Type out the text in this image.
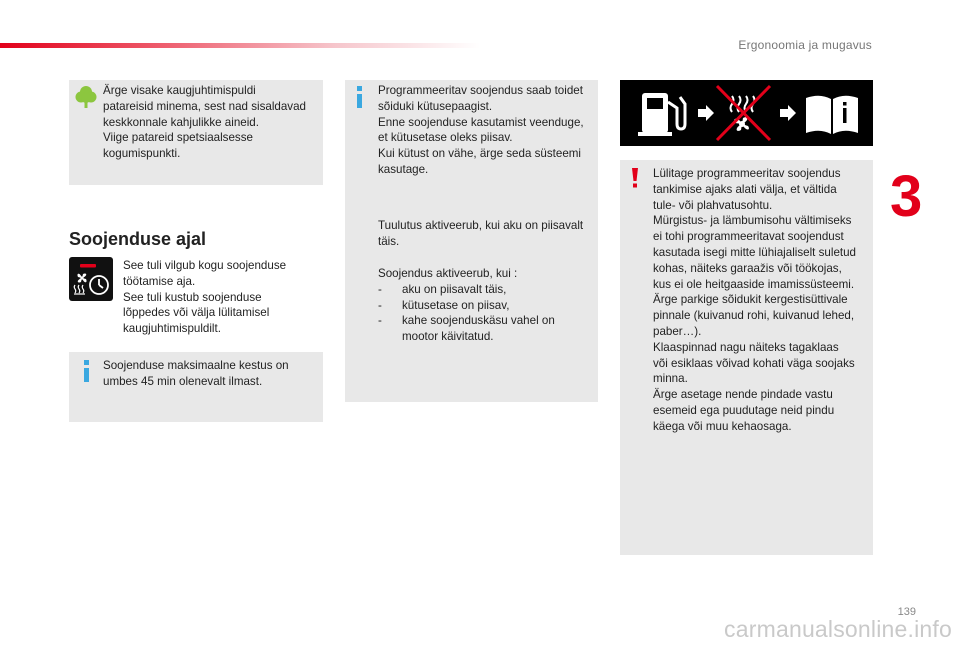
Ergonoomia ja mugavus
3
Ärge visake kaugjuhtimispuldi
patareisid minema, sest nad sisaldavad
keskkonnale kahjulikke aineid.
Viige patareid spetsiaalsesse
kogumispunkti.
Soojenduse ajal
See tuli vilgub kogu soojenduse
töötamise aja.
See tuli kustub soojenduse
lõppedes või välja lülitamisel
kaugjuhtimispuldilt.
Soojenduse maksimaalne kestus on
umbes 45 min olenevalt ilmast.
Programmeeritav soojendus saab toidet
sõiduki kütusepaagist.
Enne soojenduse kasutamist veenduge,
et kütusetase oleks piisav.
Kui kütust on vähe, ärge seda süsteemi
kasutage.
Tuulutus aktiveerub, kui aku on piisavalt
täis.
Soojendus aktiveerub, kui :
-	aku on piisavalt täis,
-	kütusetase on piisav,
-	kahe soojenduskäsu vahel on
mootor käivitatud.
Lülitage programmeeritav soojendus
tankimise ajaks alati välja, et vältida
tule- või plahvatusohtu.
Mürgistus- ja lämbumisohu vältimiseks
ei tohi programmeeritavat soojendust
kasutada isegi mitte lühiajaliselt suletud
kohas, näiteks garaažis või töökojas,
kus ei ole heitgaaside imamissüsteemi.
Ärge parkige sõidukit kergestisüttivale
pinnale (kuivanud rohi, kuivanud lehed,
paber…).
Klaaspinnad nagu näiteks tagaklaas
või esiklaas võivad kohati väga soojaks
minna.
Ärge asetage nende pindade vastu
esemeid ega puudutage neid pindu
käega või muu kehaosaga.
139
carmanualsonline.info
